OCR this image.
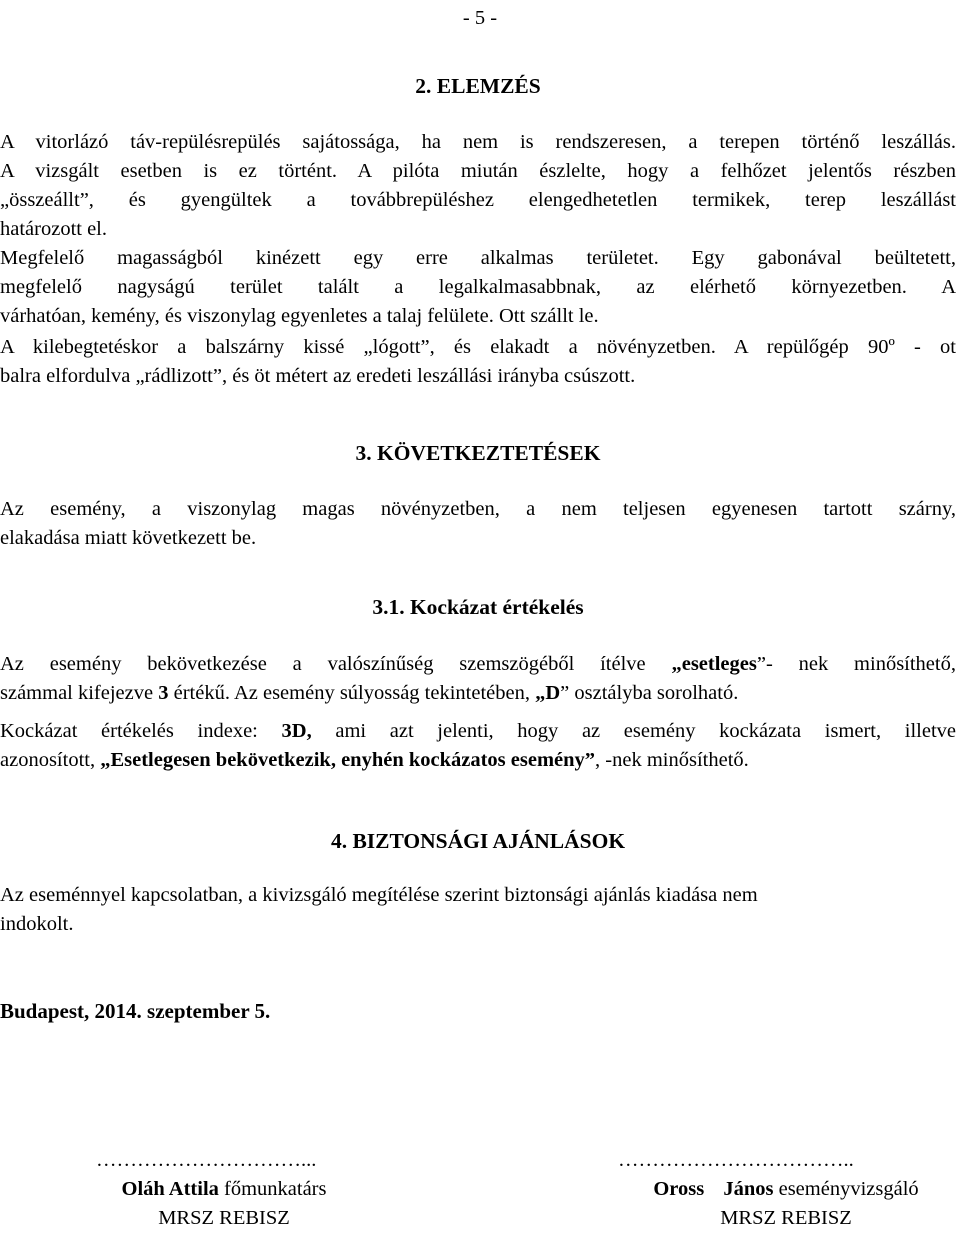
- 5 -
2. ELEMZÉS
A vitorlázó táv-repülésrepülés sajátossága, ha nem is rendszeresen, a terepen történő leszállás.
A vizsgált esetben is ez történt. A pilóta miután észlelte, hogy a felhőzet jelentős részben
„összeállt”, és gyengültek a továbbrepüléshez elengedhetetlen termikek, terep leszállást
határozott el.
Megfelelő magasságból kinézett egy erre alkalmas területet. Egy gabonával beültetett,
megfelelő nagyságú terület talált a legalkalmasabbnak, az elérhető környezetben. A
várhatóan, kemény, és viszonylag egyenletes a talaj felülete. Ott szállt le.
A kilebegtetéskor a balszárny kissé „lógott”, és elakadt a növényzetben. A repülőgép 90º - ot
balra elfordulva „rádlizott”, és öt métert az eredeti leszállási irányba csúszott.
3. KÖVETKEZTETÉSEK
Az esemény, a viszonylag magas növényzetben, a nem teljesen egyenesen tartott szárny,
elakadása miatt következett be.
3.1. Kockázat értékelés
Az esemény bekövetkezése a valószínűség szemszögéből ítélve „esetleges”- nek minősíthető,
számmal kifejezve 3 értékű. Az esemény súlyosság tekintetében, „D” osztályba sorolható.
Kockázat értékelés indexe: 3D, ami azt jelenti, hogy az esemény kockázata ismert, illetve
azonosított, „Esetlegesen bekövetkezik, enyhén kockázatos esemény”, -nek minősíthető.
4. BIZTONSÁGI AJÁNLÁSOK
Az eseménnyel kapcsolatban, a kivizsgáló megítélése szerint biztonsági ajánlás kiadása nem
indokolt.
Budapest, 2014. szeptember 5.
…………………………...
Oláh Attila főmunkatárs
MRSZ REBISZ
……………………………..
Oross János eseményvizsgáló
MRSZ REBISZ
